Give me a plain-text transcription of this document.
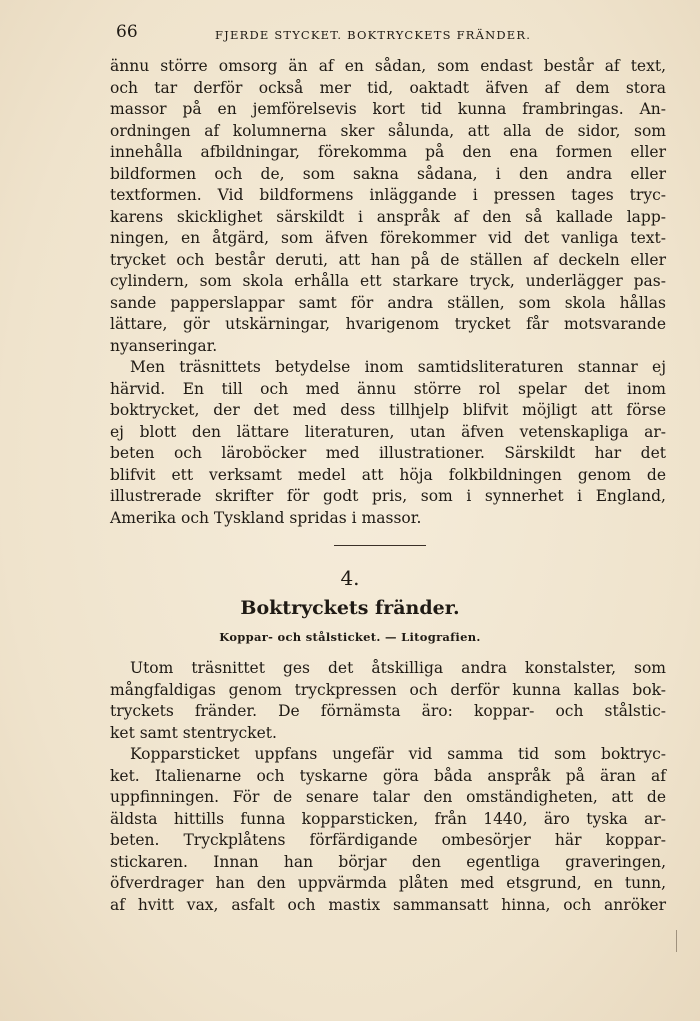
66	FJERDE STYCKET. BOKTRYCKETS FRÄNDER.
ännu större omsorg än af en sådan, som endast består af text,
och tar derför också mer tid, oaktadt äfven af dem stora
massor på en jemförelsevis kort tid kunna frambringas. An-
ordningen af kolumnerna sker sålunda, att alla de sidor, som
innehålla afbildningar, förekomma på den ena formen eller
bildformen och de, som sakna sådana, i den andra eller
textformen. Vid bildformens inläggande i pressen tages tryc-
karens skicklighet särskildt i anspråk af den så kallade lapp-
ningen, en åtgärd, som äfven förekommer vid det vanliga text-
trycket och består deruti, att han på de ställen af deckeln eller
cylindern, som skola erhålla ett starkare tryck, underlägger pas-
sande papperslappar samt för andra ställen, som skola hållas
lättare, gör utskärningar, hvarigenom trycket får motsvarande
nyanseringar.
Men träsnittets betydelse inom samtidsliteraturen stannar ej
härvid. En till och med ännu större rol spelar det inom
boktrycket, der det med dess tillhjelp blifvit möjligt att förse
ej blott den lättare literaturen, utan äfven vetenskapliga ar-
beten och läroböcker med illustrationer. Särskildt har det
blifvit ett verksamt medel att höja folkbildningen genom de
illustrerade skrifter för godt pris, som i synnerhet i England,
Amerika och Tyskland spridas i massor.
4.
Boktryckets fränder.
Koppar- och stålsticket. — Litografien.
Utom träsnittet ges det åtskilliga andra konstalster, som
mångfaldigas genom tryckpressen och derför kunna kallas bok-
tryckets fränder. De förnämsta äro: koppar- och stålstic-
ket samt stentrycket.
Kopparsticket uppfans ungefär vid samma tid som boktryc-
ket. Italienarne och tyskarne göra båda anspråk på äran af
uppfinningen. För de senare talar den omständigheten, att de
äldsta hittills funna kopparsticken, från 1440, äro tyska ar-
beten. Tryckplåtens förfärdigande ombesörjer här koppar-
stickaren. Innan han börjar den egentliga graveringen,
öfverdrager han den uppvärmda plåten med etsgrund, en tunn,
af hvitt vax, asfalt och mastix sammansatt hinna, och anröker
